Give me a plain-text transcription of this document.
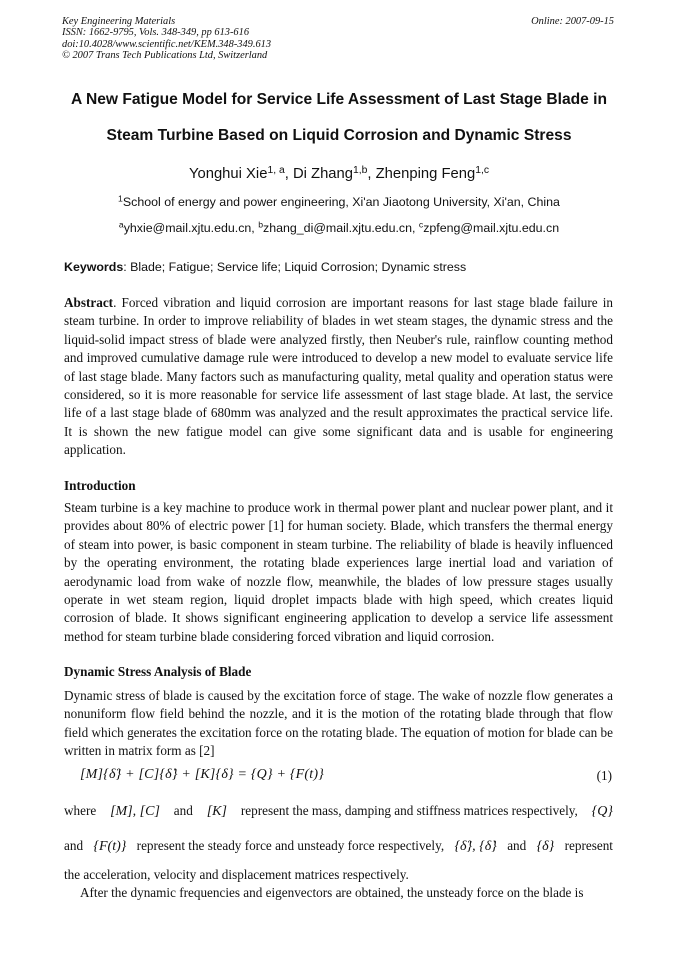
Key Engineering Materials
ISSN: 1662-9795, Vols. 348-349, pp 613-616
doi:10.4028/www.scientific.net/KEM.348-349.613
© 2007 Trans Tech Publications Ltd, Switzerland
Online: 2007-09-15
A New Fatigue Model for Service Life Assessment of Last Stage Blade in
Steam Turbine Based on Liquid Corrosion and Dynamic Stress
Yonghui Xie$^{1, a}$, Di Zhang$^{1,b}$, Zhenping Feng$^{1,c}$
$^1$School of energy and power engineering, Xi'an Jiaotong University, Xi'an, China
$^a$yhxie@mail.xjtu.edu.cn, $^b$zhang_di@mail.xjtu.edu.cn, $^c$zpfeng@mail.xjtu.edu.cn
Keywords: Blade; Fatigue; Service life; Liquid Corrosion; Dynamic stress
Abstract. Forced vibration and liquid corrosion are important reasons for last stage blade failure in steam turbine. In order to improve reliability of blades in wet steam stages, the dynamic stress and the liquid-solid impact stress of blade were analyzed firstly, then Neuber's rule, rainflow counting method and improved cumulative damage rule were introduced to develop a new model to evaluate service life of last stage blade. Many factors such as manufacturing quality, metal quality and operation status were considered, so it is more reasonable for service life assessment of last stage blade. At last, the service life of a last stage blade of 680mm was analyzed and the result approximates the practical service life. It is shown the new fatigue model can give some significant data and is usable for engineering application.
Introduction
Steam turbine is a key machine to produce work in thermal power plant and nuclear power plant, and it provides about 80% of electric power [1] for human society. Blade, which transfers the thermal energy of steam into power, is basic component in steam turbine. The reliability of blade is heavily influenced by the operating environment, the rotating blade experiences large inertial load and variation of aerodynamic load from wake of nozzle flow, meanwhile, the blades of low pressure stages usually operate in wet steam region, liquid droplet impacts blade with high speed, which creates liquid corrosion of blade. It shows significant engineering application to develop a service life assessment method for steam turbine blade considering forced vibration and liquid corrosion.
Dynamic Stress Analysis of Blade
Dynamic stress of blade is caused by the excitation force of stage. The wake of nozzle flow generates a nonuniform flow field behind the nozzle, and it is the motion of the rotating blade through that flow field which generates the excitation force on the rotating blade. The equation of motion for blade can be written in matrix form as [2]
[M]{δ̈} + [C]{δ̇} + [K]{δ} = {Q} + {F(t)}	(1)
where [M], [C] and [K] represent the mass, damping and stiffness matrices respectively, {Q}
and {F(t)} represent the steady force and unsteady force respectively, {δ̈}, {δ̇} and {δ} represent
the acceleration, velocity and displacement matrices respectively.
After the dynamic frequencies and eigenvectors are obtained, the unsteady force on the blade is
